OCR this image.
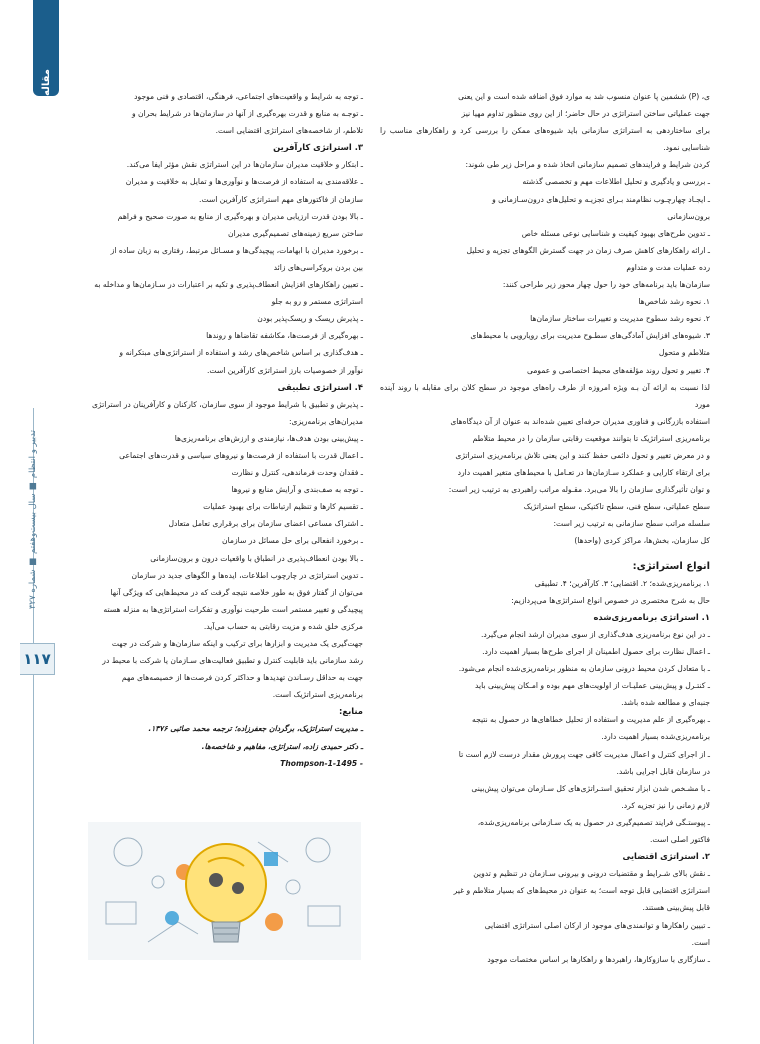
مقاله
تدبیر و انتظام ■ سال بیست‌وهفتم ■ شماره ۳۲۷
۱۱۷

ی، (P) ششمین پا عنوان منسوب شد به موارد فوق اضافه شده است و این یعنی

جهت عملیاتی ساختن استراتژی در حال حاضر؛ از این روی منظور تداوم مهیا نیز

برای ساختاردهی به استراتژی سازمانی باید شیوه‌های ممکن را بررسی کرد و راهکارهای مناسب را شناسایی نمود.

کردن شرایط و فرایندهای تصمیم سازمانی اتخاذ شده و مراحل زیر طی شوند:

ـ بررسی و یادگیری و تحلیل اطلاعات مهم و تخصصی گذشته

ـ ایجـاد چهارچـوب نظام‌مند بـرای تجزیـه و تحلیل‌های درون‌سـازمانی و

برون‌سازمانی

ـ تدوین طرح‌های بهبود کیفیت و شناسایی نوعی مسئله خاص

ـ ارائه راهکارهای کاهش صرف زمان در جهت گسترش الگوهای تجزیه و تحلیل

رده عملیات مدت و متداوم

سازمان‌ها باید برنامه‌های خود را حول چهار محور زیر طراحی کنند:

۱. نحوه رشد شاخص‌ها

۲. نحوه رشد سطوح مدیریت و تغییرات ساختار سازمان‌ها

۳. شیوه‌های افزایش آمادگی‌های سطـوح مدیریت برای رویارویی با محیط‌های

متلاطم و متحول

۴. تغییر و تحول روند مؤلفه‌های محیط اختصاصی و عمومی

لذا نسبت به ارائه آن بـه ویژه امروزه از طرف راه‌های موجود در سطح کلان برای مقابله با روند آینده مورد

استفاده بازرگانی و فناوری مدیران حرفه‌ای تعیین شده‌اند به عنوان از آن دیدگاه‌های

برنامه‌ریزی استراتژیک تا بتوانند موقعیت رقابتی سازمان را در محیط متلاطم

و در معرض تغییر و تحول دائمی حفظ کنند و این یعنی تلاش برنامه‌ریزی استراتژی

برای ارتقاء کارایی و عملکرد سـازمان‌ها در تعـامل با محیط‌های متغیر اهمیت دارد

و توان تأثیرگذاری سازمان را بالا می‌برد. مقـوله مراتب راهبردی به ترتیب زیر است:

سطح عملیاتی، سطح فنی، سطح تاکتیکی، سطح استراتژیک

سلسله مراتب سطح سازمانی به ترتیب زیر است:

کل سازمان، بخش‌ها، مراکز کردی (واحدها)

انواع استراتژی:

۱. برنامه‌ریزی‌شده؛ ۲. اقتضایی؛ ۳. کارآفرین؛ ۴. تطبیقی

حال به شرح مختصری در خصوص انواع استراتژی‌ها می‌پردازیم:

۱. استراتژی برنامه‌ریزی‌شده

ـ در این نوع برنامه‌ریزی هدف‌گذاری از سوی مدیران ارشد انجام می‌گیرد.

ـ اعمال نظارت برای حصول اطمینان از اجرای طرح‌ها بسیار اهمیت دارد.

ـ با متعادل کردن محیط درونی سازمان به منظور برنامه‌ریزی‌شده انجام می‌شود.

ـ کنتـرل و پیش‌بینی عملیـات از اولویت‌های مهم بوده و امـکان پیش‌بینی باید

جنبه‌ای و مطالعه شده باشد.

ـ بهره‌گیری از علم مدیریت و استفاده از تحلیل خطاهای‌ها در حصول به نتیجه

برنامه‌ریزی‌شده بسیار اهمیت دارد.

ـ از اجرای کنترل و اعمال مدیریت کافی جهت پرورش مقدار درست لازم است تا

در سازمان قابل اجرایی باشد.

ـ با مشـخص شدن ابزار تحقیق استـراتژی‌های کل سـازمان می‌توان پیش‌بینی‌

لازم زمانی را نیز تجزیه کرد.

ـ پیوستـگی فرایند تصمیم‌گیری در حصول به یک سـازمانی برنامه‌ریزی‌شده،

فاکتور اصلی است.

۲. استراتژی اقتضایی

ـ نقش بالای شـرایط و مقتضیات درونی و بیرونی سـازمان در تنظیم و تدوین

استراتژی اقتضایی قابل توجه است؛ به عنوان در محیط‌های که بسیار متلاطم و غیر

قابل پیش‌بینی هستند.

ـ تبیین راهکارها و توانمندی‌های موجود از ارکان اصلی استراتژی اقتضایی

است.

ـ سازگاری با سازوکارها، راهبردها و راهکارها بر اساس مختصات موجود

ـ توجه به شرایط و واقعیت‌های اجتماعی، فرهنگی، اقتصادی و فنی موجود

ـ توجـه به منابع و قدرت بهره‌گیری از آنها در سازمان‌ها در شرایط بحران و

تلاطم، از شاخصه‌های استراتژی اقتضایی است.

۳. استراتژی کارآفرین

ـ ابتکار و خلاقیت مدیران سازمان‌ها در این استراتژی نقش مؤثر ایفا می‌کند.

ـ علاقه‌مندی به استفاده از فرصت‌ها و نوآوری‌ها و تمایل به خلاقیت و مدیران

سازمان از فاکتورهای مهم استراتژی کارآفرین است.

ـ بالا بودن قدرت ارزیابی مدیران و بهره‌گیری از منابع به صورت صحیح و فراهم

ساختن سریع زمینه‌های تصمیم‌گیری مدیران

ـ برخورد مدیران با ابهامات، پیچیدگی‌ها و مسـائل مرتبط، رفتاری به زبان ساده از

بین بردن بروکراسی‌های زائد

ـ تعیین راهکارهای افزایش انعطاف‌پذیری و تکیه بر اعتبارات در سـازمان‌ها و مداخله به

استراتژی مستمر و رو به جلو

ـ پذیرش ریسک و ریسک‌پذیر بودن

ـ بهره‌گیری از فرصت‌ها، مکاشفه تقاضاها و روندها

ـ هدف‌گذاری بر اساس شاخص‌های رشد و استفاده از استراتژی‌های مبتکرانه و

نوآور از خصوصیات بارز استراتژی کارآفرین است.

۴. استراتژی تطبیقی

ـ پذیرش و تطبیق با شرایط موجود از سوی سازمان، کارکنان و کارآفرینان در استراتژی

مدیران‌های برنامه‌ریزی:

ـ پیش‌بینی بودن هدف‌ها، نیازمندی و ارزش‌های برنامه‌ریزی‌ها

ـ اعمال قدرت با استفاده از فرصت‌ها و نیروهای سیاسی و قدرت‌های اجتماعی

ـ فقدان وحدت فرماندهی، کنترل و نظارت

ـ توجه به صف‌بندی و آرایش منابع و نیروها

ـ تقسیم کارها و تنظیم ارتباطات برای بهبود عملیات

ـ اشتراک مساعی اعضای سازمان برای برقراری تعامل متعادل

ـ برخورد انفعالی برای حل مسائل در سازمان

ـ بالا بودن انعطاف‌پذیری در انطباق با واقعیات درون و برون‌سازمانی

ـ تدوین استراتژی در چارچوب اطلاعات، ایده‌ها و الگوهای جدید در سازمان

می‌توان از گفتار فوق به طور خلاصه نتیجه گرفت که در محیط‌هایی که ویژگی آنها

پیچیدگی و تغییر مستمر است طرحیت نوآوری و تفکرات استراتژی‌ها به منزله هسته

مرکزی خلق شده و مزیت رقابتی به حساب می‌آید.

جهت‌گیری یک مدیریت و ابزارها برای ترکیب و اینکه سازمان‌ها و شرکت در جهت

رشد سازمانی باید قابلیت کنترل و تطبیق فعالیت‌های سـازمان یا شرکت با محیط در

جهت به حداقل رسـاندن تهدیدها و حداکثر کردن فرصت‌ها از خصیصه‌های مهم

برنامه‌ریزی استراتژیک است.

منابع:

ـ مدیریت استراتژیک، برگردان جعفرزاده؛ ترجمه محمد صائبی ۱۳۷۶.

ـ دکتر حمیدی زاده، استراتژی، مفاهیم و شاخصه‌ها.

- Thompson-1-1495
